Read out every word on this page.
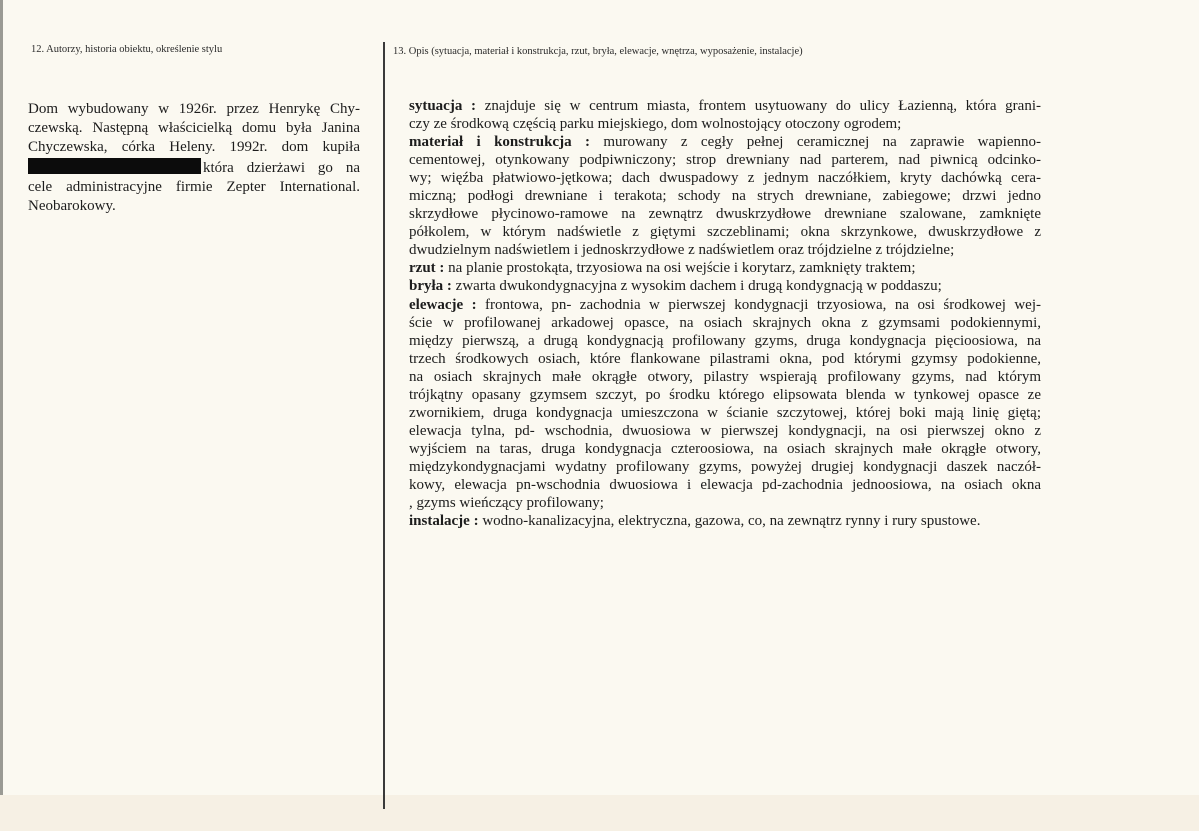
12. Autorzy, historia obiektu, określenie stylu	13. Opis (sytuacja, materiał i konstrukcja, rzut, bryła, elewacje, wnętrza, wyposażenie, instalacje)
Dom wybudowany w 1926r. przez Henrykę Chy-
czewską. Następną właścicielką domu była Janina
Chyczewska, córka Heleny. 1992r. dom kupiła
która dzierżawi go na
cele administracyjne firmie Zepter International.
Neobarokowy.
sytuacja : znajduje się w centrum miasta, frontem usytuowany do ulicy Łazienną, która grani-
czy ze środkową częścią parku miejskiego, dom wolnostojący otoczony ogrodem;
materiał i konstrukcja : murowany z cegły pełnej ceramicznej na zaprawie wapienno-
cementowej, otynkowany podpiwniczony; strop drewniany nad parterem, nad piwnicą odcinko-
wy; więźba płatwiowo-jętkowa; dach dwuspadowy z jednym naczółkiem, kryty dachówką cera-
miczną; podłogi drewniane i terakota; schody na strych drewniane, zabiegowe; drzwi jedno
skrzydłowe płycinowo-ramowe na zewnątrz dwuskrzydłowe drewniane szalowane, zamknięte
półkolem, w którym nadświetle z giętymi szczeblinami; okna skrzynkowe, dwuskrzydłowe z
dwudzielnym nadświetlem i jednoskrzydłowe z nadświetlem oraz trójdzielne z trójdzielne;
rzut : na planie prostokąta, trzyosiowa na osi wejście i korytarz, zamknięty traktem;
bryła : zwarta dwukondygnacyjna z wysokim dachem i drugą kondygnacją w poddaszu;
elewacje : frontowa, pn- zachodnia w pierwszej kondygnacji trzyosiowa, na osi środkowej wej-
ście w profilowanej arkadowej opasce, na osiach skrajnych okna z gzymsami podokiennymi,
między pierwszą, a drugą kondygnacją profilowany gzyms, druga kondygnacja pięcioosiowa, na
trzech środkowych osiach, które flankowane pilastrami okna, pod którymi gzymsy podokienne,
na osiach skrajnych małe okrągłe otwory, pilastry wspierają profilowany gzyms, nad którym
trójkątny opasany gzymsem szczyt, po środku którego elipsowata blenda w tynkowej opasce ze
zwornikiem, druga kondygnacja umieszczona w ścianie szczytowej, której boki mają linię giętą;
elewacja tylna, pd- wschodnia, dwuosiowa w pierwszej kondygnacji, na osi pierwszej okno z
wyjściem na taras, druga kondygnacja czteroosiowa, na osiach skrajnych małe okrągłe otwory,
międzykondygnacjami wydatny profilowany gzyms, powyżej drugiej kondygnacji daszek naczół-
kowy, elewacja pn-wschodnia dwuosiowa i elewacja pd-zachodnia jednoosiowa, na osiach okna
, gzyms wieńczący profilowany;
instalacje : wodno-kanalizacyjna, elektryczna, gazowa, co, na zewnątrz rynny i rury spustowe.
